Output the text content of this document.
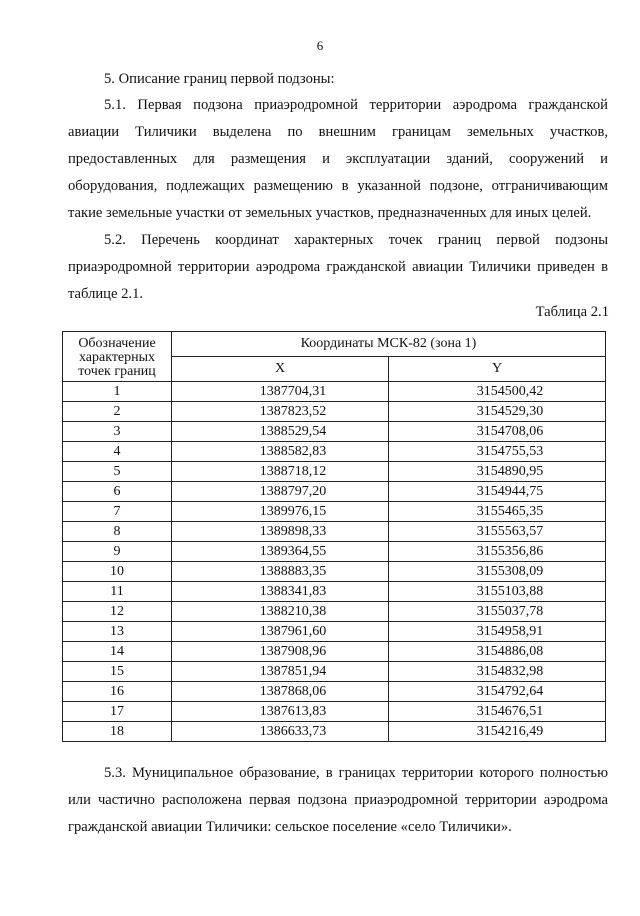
6

5. Описание границ первой подзоны:

5.1. Первая подзона приаэродромной территории аэродрома гражданской авиации Тиличики выделена по внешним границам земельных участков, предоставленных для размещения и эксплуатации зданий, сооружений и оборудования, подлежащих размещению в указанной подзоне, отграничивающим такие земельные участки от земельных участков, предназначенных для иных целей.

5.2. Перечень координат характерных точек границ первой подзоны приаэродромной территории аэродрома гражданской авиации Тиличики приведен в таблице 2.1.

Таблица 2.1
Обозначение характерных точек границ	Координаты МСК-82 (зона 1)	
	X	Y
1	1387704,31	3154500,42
2	1387823,52	3154529,30
3	1388529,54	3154708,06
4	1388582,83	3154755,53
5	1388718,12	3154890,95
6	1388797,20	3154944,75
7	1389976,15	3155465,35
8	1389898,33	3155563,57
9	1389364,55	3155356,86
10	1388883,35	3155308,09
11	1388341,83	3155103,88
12	1388210,38	3155037,78
13	1387961,60	3154958,91
14	1387908,96	3154886,08
15	1387851,94	3154832,98
16	1387868,06	3154792,64
17	1387613,83	3154676,51
18	1386633,73	3154216,49

5.3. Муниципальное образование, в границах территории которого полностью или частично расположена первая подзона приаэродромной территории аэродрома гражданской авиации Тиличики: сельское поселение «село Тиличики».
